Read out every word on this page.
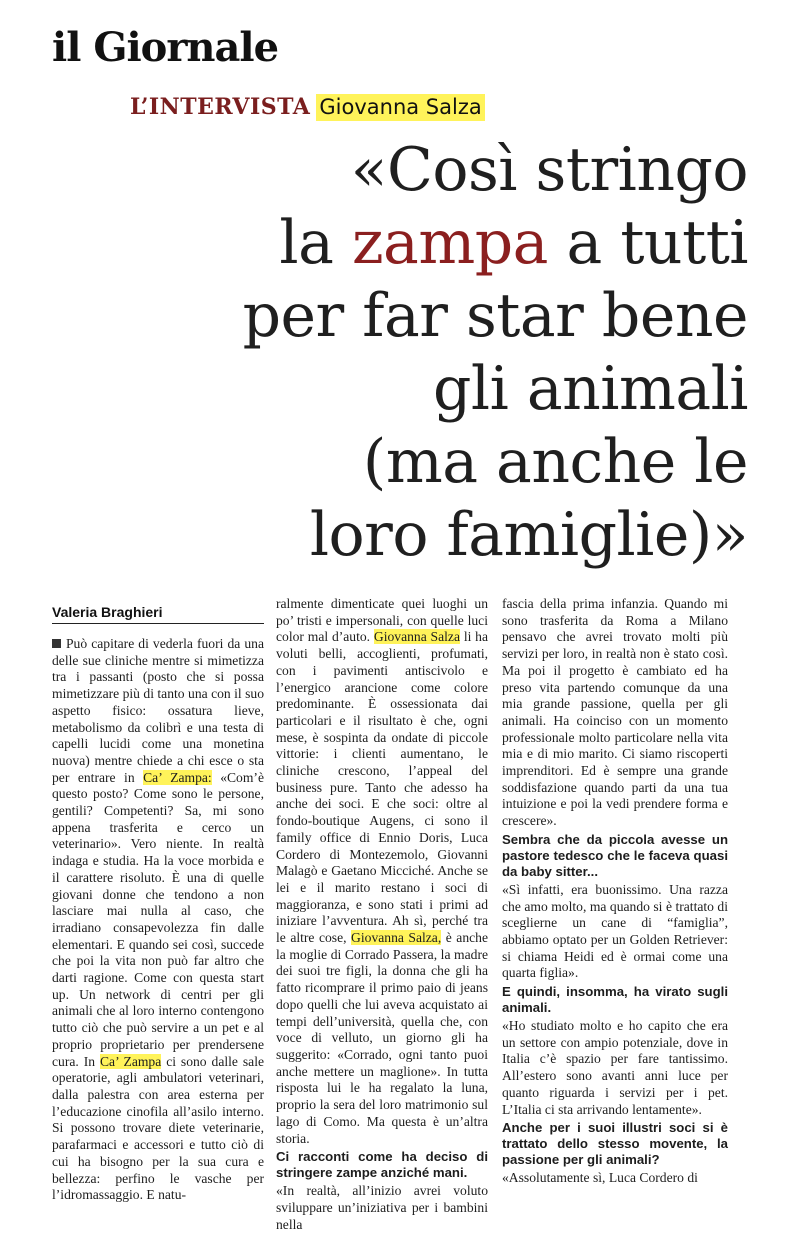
il Giornale
L’INTERVISTA Giovanna Salza
«Così stringo
la zampa a tutti
per far star bene
gli animali
(ma anche le
loro famiglie)»
Valeria Braghieri

Può capitare di vederla fuori da una delle sue cliniche mentre si mimetizza tra i passanti (posto che si possa mimetizzare più di tanto una con il suo aspetto fisico: ossatura lieve, metabolismo da colibrì e una testa di capelli lucidi come una monetina nuova) mentre chiede a chi esce o sta per entrare in Ca’ Zampa: «Com’è questo posto? Come sono le persone, gentili? Competenti? Sa, mi sono appena trasferita e cerco un veterinario». Vero niente. In realtà indaga e studia. Ha la voce morbida e il carattere risoluto. È una di quelle giovani donne che tendono a non lasciare mai nulla al caso, che irradiano consapevolezza fin dalle elementari. E quando sei così, succede che poi la vita non può far altro che darti ragione. Come con questa start up. Un network di centri per gli animali che al loro interno contengono tutto ciò che può servire a un pet e al proprio proprietario per prendersene cura. In Ca’ Zampa ci sono dalle sale operatorie, agli ambulatori veterinari, dalla palestra con area esterna per l’educazione cinofila all’asilo interno. Si possono trovare diete veterinarie, parafarmaci e accessori e tutto ciò di cui ha bisogno per la sua cura e bellezza: perfino le vasche per l’idromassaggio. E natu-

ralmente dimenticate quei luoghi un po’ tristi e impersonali, con quelle luci color mal d’auto. Giovanna Salza li ha voluti belli, accoglienti, profumati, con i pavimenti antiscivolo e l’energico arancione come colore predominante. È ossessionata dai particolari e il risultato è che, ogni mese, è sospinta da ondate di piccole vittorie: i clienti aumentano, le cliniche crescono, l’appeal del business pure. Tanto che adesso ha anche dei soci. E che soci: oltre al fondo-boutique Augens, ci sono il family office di Ennio Doris, Luca Cordero di Montezemolo, Giovanni Malagò e Gaetano Micciché. Anche se lei e il marito restano i soci di maggioranza, e sono stati i primi ad iniziare l’avventura. Ah sì, perché tra le altre cose, Giovanna Salza, è anche la moglie di Corrado Passera, la madre dei suoi tre figli, la donna che gli ha fatto ricomprare il primo paio di jeans dopo quelli che lui aveva acquistato ai tempi dell’università, quella che, con voce di velluto, un giorno gli ha suggerito: «Corrado, ogni tanto puoi anche mettere un maglione». In tutta risposta lui le ha regalato la luna, proprio la sera del loro matrimonio sul lago di Como. Ma questa è un’altra storia.

Ci racconti come ha deciso di stringere zampe anziché mani.

«In realtà, all’inizio avrei voluto sviluppare un’iniziativa per i bambini nella

fascia della prima infanzia. Quando mi sono trasferita da Roma a Milano pensavo che avrei trovato molti più servizi per loro, in realtà non è stato così. Ma poi il progetto è cambiato ed ha preso vita partendo comunque da una mia grande passione, quella per gli animali. Ha coinciso con un momento professionale molto particolare nella vita mia e di mio marito. Ci siamo riscoperti imprenditori. Ed è sempre una grande soddisfazione quando parti da una tua intuizione e poi la vedi prendere forma e crescere».

Sembra che da piccola avesse un pastore tedesco che le faceva quasi da baby sitter...

«Sì infatti, era buonissimo. Una razza che amo molto, ma quando si è trattato di sceglierne un cane di “famiglia”, abbiamo optato per un Golden Retriever: si chiama Heidi ed è ormai come una quarta figlia».

E quindi, insomma, ha virato sugli animali.

«Ho studiato molto e ho capito che era un settore con ampio potenziale, dove in Italia c’è spazio per fare tantissimo. All’estero sono avanti anni luce per quanto riguarda i servizi per i pet. L’Italia ci sta arrivando lentamente».

Anche per i suoi illustri soci si è trattato dello stesso movente, la passione per gli animali?

«Assolutamente sì, Luca Cordero di
